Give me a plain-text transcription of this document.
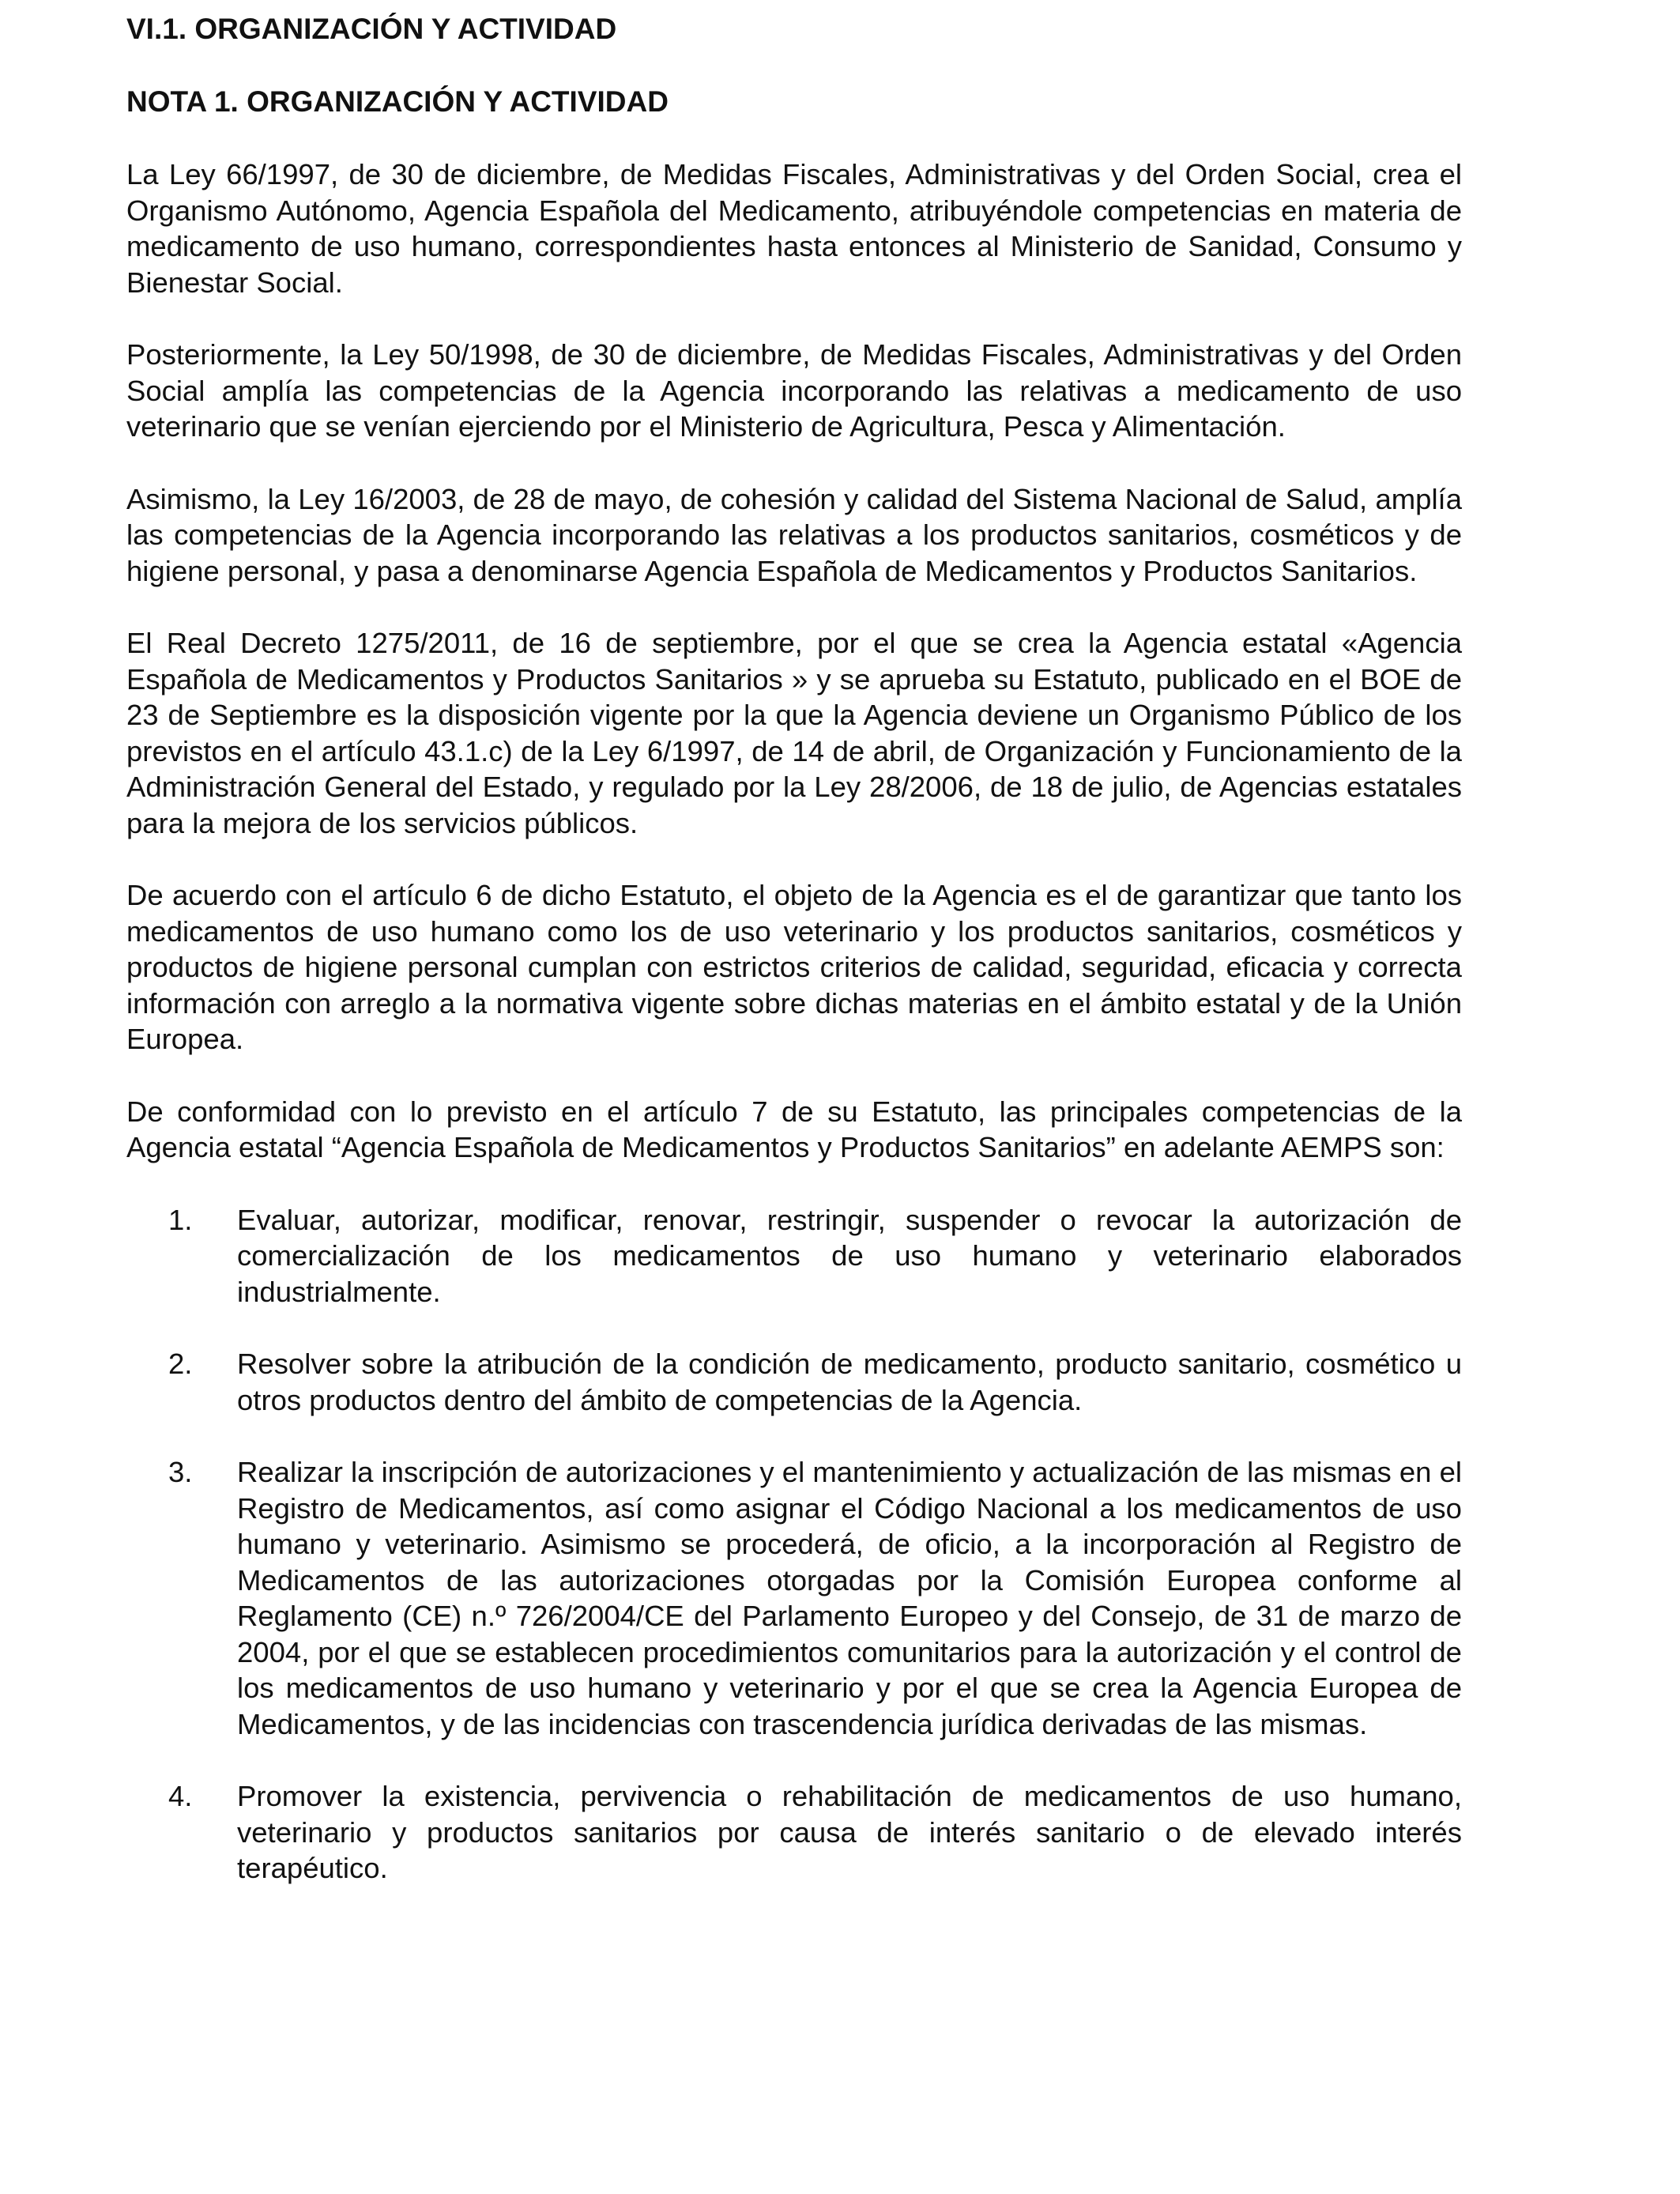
VI.1. ORGANIZACIÓN Y ACTIVIDAD
NOTA 1. ORGANIZACIÓN Y ACTIVIDAD

La Ley 66/1997, de 30 de diciembre, de Medidas Fiscales, Administrativas y del Orden Social, crea el Organismo Autónomo, Agencia Española del Medicamento, atribuyéndole competencias en materia de medicamento de uso humano, correspondientes hasta entonces al Ministerio de Sanidad, Consumo y Bienestar Social.

Posteriormente, la Ley 50/1998, de 30 de diciembre, de Medidas Fiscales, Administrativas y del Orden Social amplía las competencias de la Agencia incorporando las relativas a medicamento de uso veterinario que se venían ejerciendo por el Ministerio de Agricultura, Pesca y Alimentación.

Asimismo, la Ley 16/2003, de 28 de mayo, de cohesión y calidad del Sistema Nacional de Salud, amplía las competencias de la Agencia incorporando las relativas a los productos sanitarios, cosméticos y de higiene personal, y pasa a denominarse Agencia Española de Medicamentos y Productos Sanitarios.

El Real Decreto 1275/2011, de 16 de septiembre, por el que se crea la Agencia estatal «Agencia Española de Medicamentos y Productos Sanitarios » y se aprueba su Estatuto, publicado en el BOE de 23 de Septiembre es la disposición vigente por la que la Agencia deviene un Organismo Público de los previstos en el artículo 43.1.c) de la Ley 6/1997, de 14 de abril, de Organización y Funcionamiento de la Administración General del Estado, y regulado por la Ley 28/2006, de 18 de julio, de Agencias estatales para la mejora de los servicios públicos.

De acuerdo con el artículo 6 de dicho Estatuto, el objeto de la Agencia es el de garantizar que tanto los medicamentos de uso humano como los de uso veterinario y los productos sanitarios, cosméticos y productos de higiene personal cumplan con estrictos criterios de calidad, seguridad, eficacia y correcta información con arreglo a la normativa vigente sobre dichas materias en el ámbito estatal y de la Unión Europea.

De conformidad con lo previsto en el artículo 7 de su Estatuto, las principales competencias de la Agencia estatal “Agencia Española de Medicamentos y Productos Sanitarios” en adelante AEMPS son:

1.	Evaluar, autorizar, modificar, renovar, restringir, suspender o revocar la autorización de comercialización de los medicamentos de uso humano y veterinario elaborados industrialmente.
2.	Resolver sobre la atribución de la condición de medicamento, producto sanitario, cosmético u otros productos dentro del ámbito de competencias de la Agencia.
3.	Realizar la inscripción de autorizaciones y el mantenimiento y actualización de las mismas en el Registro de Medicamentos, así como asignar el Código Nacional a los medicamentos de uso humano y veterinario. Asimismo se procederá, de oficio, a la incorporación al Registro de Medicamentos de las autorizaciones otorgadas por la Comisión Europea conforme al Reglamento (CE) n.º 726/2004/CE del Parlamento Europeo y del Consejo, de 31 de marzo de 2004, por el que se establecen procedimientos comunitarios para la autorización y el control de los medicamentos de uso humano y veterinario y por el que se crea la Agencia Europea de Medicamentos, y de las incidencias con trascendencia jurídica derivadas de las mismas.
4.	Promover la existencia, pervivencia o rehabilitación de medicamentos de uso humano, veterinario y productos sanitarios por causa de interés sanitario o de elevado interés terapéutico.
